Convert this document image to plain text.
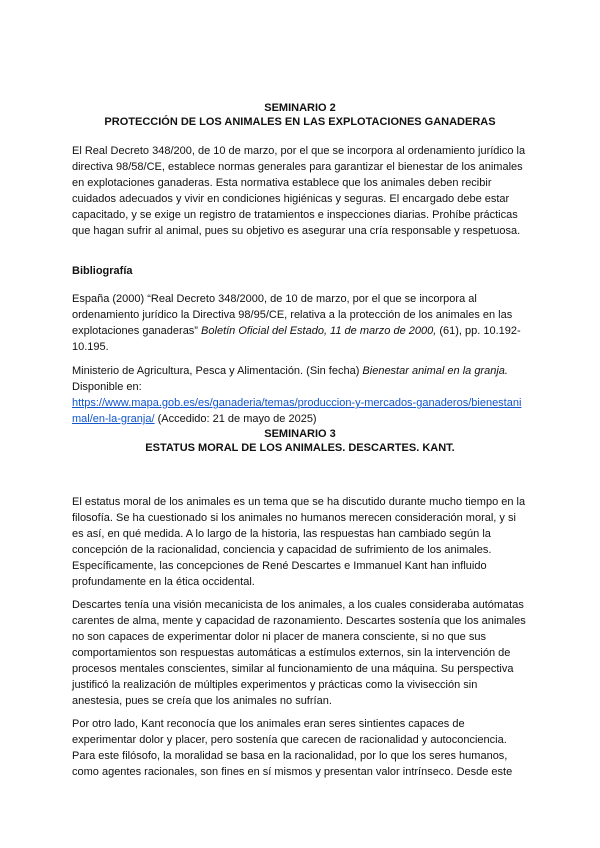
SEMINARIO 2

PROTECCIÓN DE LOS ANIMALES EN LAS EXPLOTACIONES GANADERAS

El Real Decreto 348/200, de 10 de marzo, por el que se incorpora al ordenamiento jurídico la directiva 98/58/CE, establece normas generales para garantizar el bienestar de los animales en explotaciones ganaderas. Esta normativa establece que los animales deben recibir cuidados adecuados y vivir en condiciones higiénicas y seguras. El encargado debe estar capacitado, y se exige un registro de tratamientos e inspecciones diarias. Prohíbe prácticas que hagan sufrir al animal, pues su objetivo es asegurar una cría responsable y respetuosa.

Bibliografía

España (2000) “Real Decreto 348/2000, de 10 de marzo, por el que se incorpora al ordenamiento jurídico la Directiva 98/95/CE, relativa a la protección de los animales en las explotaciones ganaderas” Boletín Oficial del Estado, 11 de marzo de 2000, (61), pp. 10.192-10.195.

Ministerio de Agricultura, Pesca y Alimentación. (Sin fecha) Bienestar animal en la granja.
Disponible en:
https://www.mapa.gob.es/es/ganaderia/temas/produccion-y-mercados-ganaderos/bienestanimal/en-la-granja/ (Accedido: 21 de mayo de 2025)

SEMINARIO 3

ESTATUS MORAL DE LOS ANIMALES. DESCARTES. KANT.

El estatus moral de los animales es un tema que se ha discutido durante mucho tiempo en la filosofía. Se ha cuestionado si los animales no humanos merecen consideración moral, y si es así, en qué medida. A lo largo de la historia, las respuestas han cambiado según la concepción de la racionalidad, conciencia y capacidad de sufrimiento de los animales. Específicamente, las concepciones de René Descartes e Immanuel Kant han influido profundamente en la ética occidental.

Descartes tenía una visión mecanicista de los animales, a los cuales consideraba autómatas carentes de alma, mente y capacidad de razonamiento. Descartes sostenía que los animales no son capaces de experimentar dolor ni placer de manera consciente, si no que sus comportamientos son respuestas automáticas a estímulos externos, sin la intervención de procesos mentales conscientes, similar al funcionamiento de una máquina. Su perspectiva justificó la realización de múltiples experimentos y prácticas como la vivisección sin anestesia, pues se creía que los animales no sufrían.

Por otro lado, Kant reconocía que los animales eran seres sintientes capaces de experimentar dolor y placer, pero sostenía que carecen de racionalidad y autoconciencia. Para este filósofo, la moralidad se basa en la racionalidad, por lo que los seres humanos, como agentes racionales, son fines en sí mismos y presentan valor intrínseco. Desde este
